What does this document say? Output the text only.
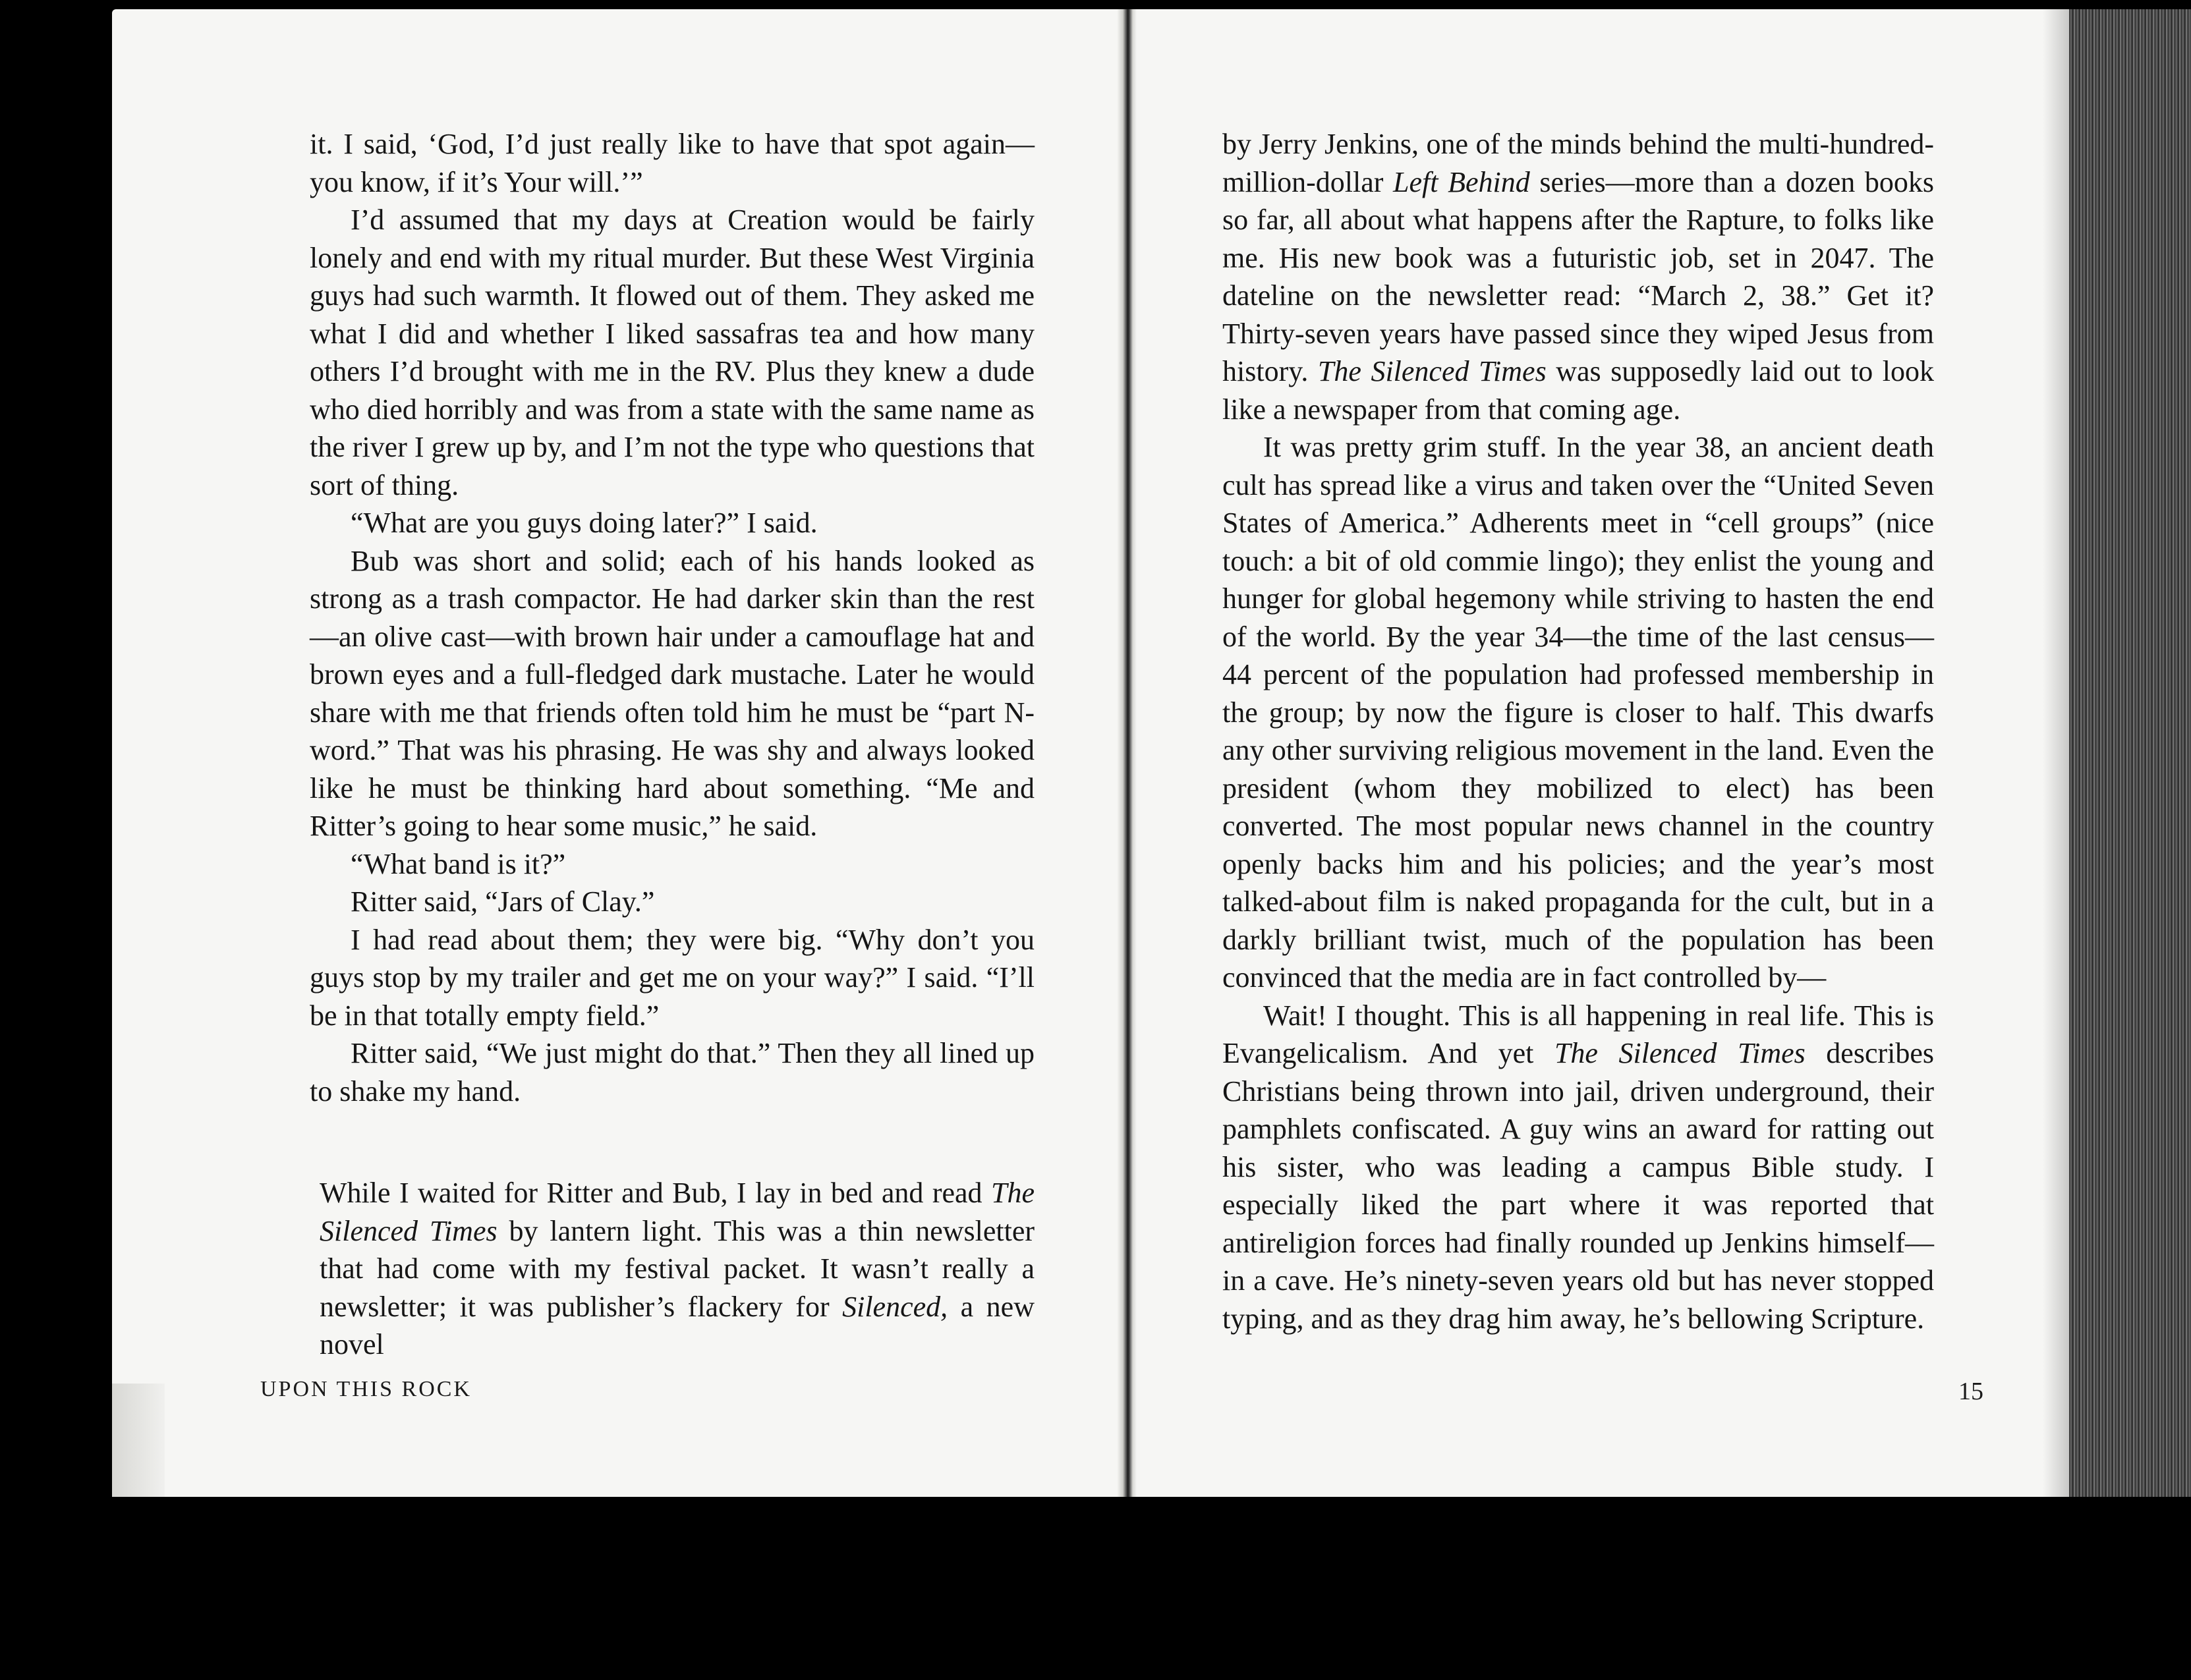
it. I said, ‘God, I’d just really like to have that spot again—you know, if it’s Your will.’”

I’d assumed that my days at Creation would be fairly lonely and end with my ritual murder. But these West Virginia guys had such warmth. It flowed out of them. They asked me what I did and whether I liked sassafras tea and how many others I’d brought with me in the RV. Plus they knew a dude who died horribly and was from a state with the same name as the river I grew up by, and I’m not the type who questions that sort of thing.

“What are you guys doing later?” I said.

Bub was short and solid; each of his hands looked as strong as a trash compactor. He had darker skin than the rest—an olive cast—with brown hair under a camouflage hat and brown eyes and a full-fledged dark mustache. Later he would share with me that friends often told him he must be “part N-word.” That was his phrasing. He was shy and always looked like he must be thinking hard about something. “Me and Ritter’s going to hear some music,” he said.

“What band is it?”

Ritter said, “Jars of Clay.”

I had read about them; they were big. “Why don’t you guys stop by my trailer and get me on your way?” I said. “I’ll be in that totally empty field.”

Ritter said, “We just might do that.” Then they all lined up to shake my hand.

While I waited for Ritter and Bub, I lay in bed and read The Silenced Times by lantern light. This was a thin newsletter that had come with my festival packet. It wasn’t really a newsletter; it was publisher’s flackery for Silenced, a new novel

UPON THIS ROCK

by Jerry Jenkins, one of the minds behind the multi-hundred-million-dollar Left Behind series—more than a dozen books so far, all about what happens after the Rapture, to folks like me. His new book was a futuristic job, set in 2047. The dateline on the newsletter read: “March 2, 38.” Get it? Thirty-seven years have passed since they wiped Jesus from history. The Silenced Times was supposedly laid out to look like a newspaper from that coming age.

It was pretty grim stuff. In the year 38, an ancient death cult has spread like a virus and taken over the “United Seven States of America.” Adherents meet in “cell groups” (nice touch: a bit of old commie lingo); they enlist the young and hunger for global hegemony while striving to hasten the end of the world. By the year 34—the time of the last census—44 percent of the population had professed membership in the group; by now the figure is closer to half. This dwarfs any other surviving religious movement in the land. Even the president (whom they mobilized to elect) has been converted. The most popular news channel in the country openly backs him and his policies; and the year’s most talked-about film is naked propaganda for the cult, but in a darkly brilliant twist, much of the population has been convinced that the media are in fact controlled by—

Wait! I thought. This is all happening in real life. This is Evangelicalism. And yet The Silenced Times describes Christians being thrown into jail, driven underground, their pamphlets confiscated. A guy wins an award for ratting out his sister, who was leading a campus Bible study. I especially liked the part where it was reported that antireligion forces had finally rounded up Jenkins himself—in a cave. He’s ninety-seven years old but has never stopped typing, and as they drag him away, he’s bellowing Scripture.

15
